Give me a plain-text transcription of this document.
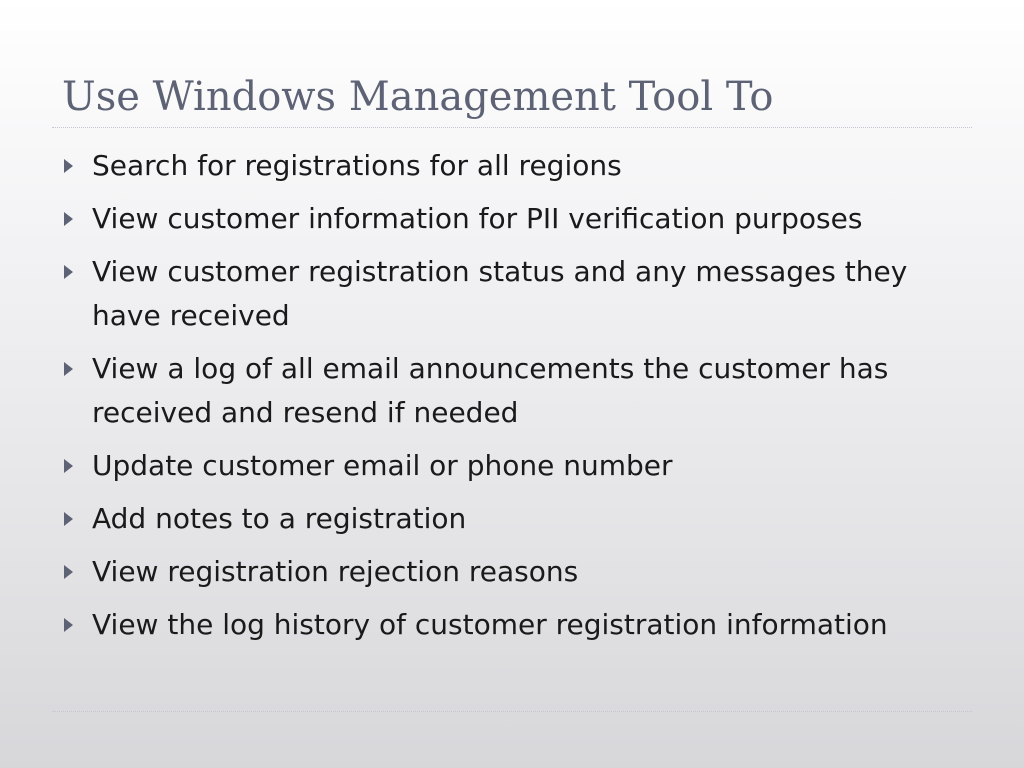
Use Windows Management Tool To
Search for registrations for all regions
View customer information for PII verification purposes
View customer registration status and any messages they have received
View a log of all email announcements the customer has received and resend if needed
Update customer email or phone number
Add notes to a registration
View registration rejection reasons
View the log history of customer registration information
